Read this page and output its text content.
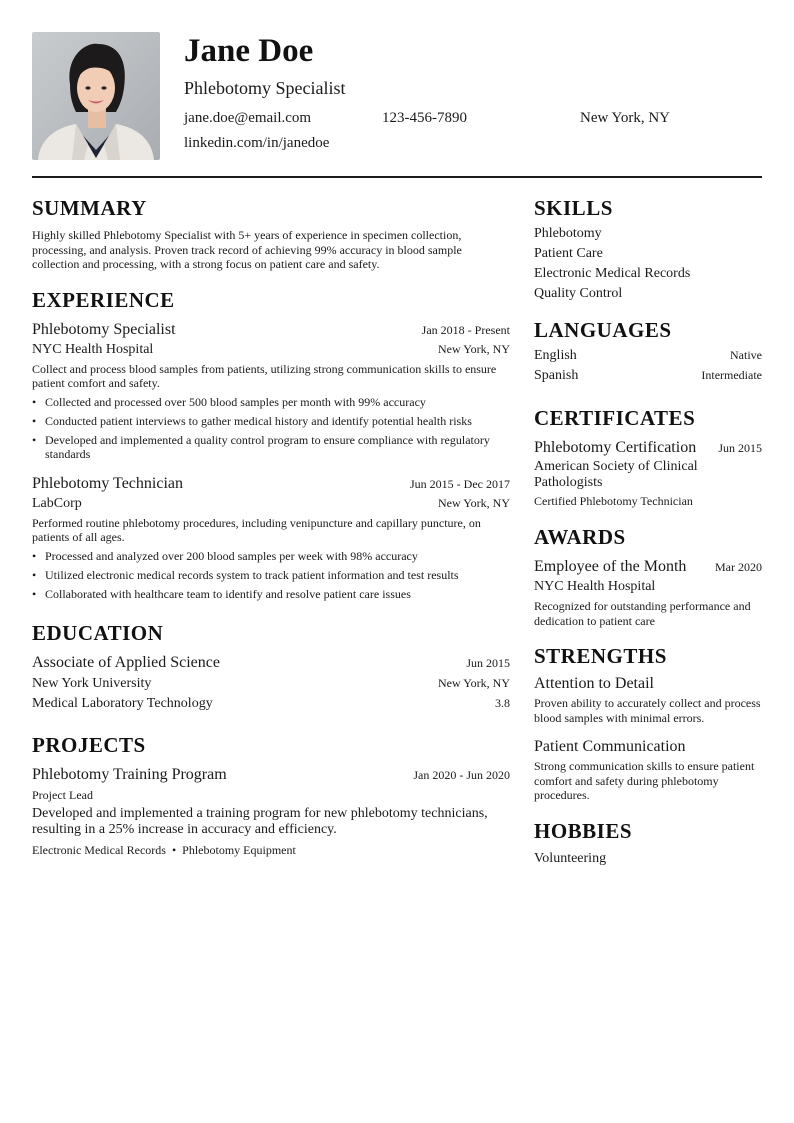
Jane Doe
Phlebotomy Specialist
jane.doe@email.com	123-456-7890	New York, NY
linkedin.com/in/janedoe
SUMMARY
Highly skilled Phlebotomy Specialist with 5+ years of experience in specimen collection, processing, and analysis. Proven track record of achieving 99% accuracy in blood sample collection and processing, with a strong focus on patient care and safety.
EXPERIENCE
Phlebotomy Specialist	Jan 2018 - Present
NYC Health Hospital	New York, NY
Collect and process blood samples from patients, utilizing strong communication skills to ensure patient comfort and safety.
• Collected and processed over 500 blood samples per month with 99% accuracy
• Conducted patient interviews to gather medical history and identify potential health risks
• Developed and implemented a quality control program to ensure compliance with regulatory standards
Phlebotomy Technician	Jun 2015 - Dec 2017
LabCorp	New York, NY
Performed routine phlebotomy procedures, including venipuncture and capillary puncture, on patients of all ages.
• Processed and analyzed over 200 blood samples per week with 98% accuracy
• Utilized electronic medical records system to track patient information and test results
• Collaborated with healthcare team to identify and resolve patient care issues
EDUCATION
Associate of Applied Science	Jun 2015
New York University	New York, NY
Medical Laboratory Technology	3.8
PROJECTS
Phlebotomy Training Program	Jan 2020 - Jun 2020
Project Lead
Developed and implemented a training program for new phlebotomy technicians, resulting in a 25% increase in accuracy and efficiency.
Electronic Medical Records • Phlebotomy Equipment
SKILLS
Phlebotomy
Patient Care
Electronic Medical Records
Quality Control
LANGUAGES
English	Native
Spanish	Intermediate
CERTIFICATES
Phlebotomy Certification Jun 2015
American Society of Clinical Pathologists
Certified Phlebotomy Technician
AWARDS
Employee of the Month Mar 2020
NYC Health Hospital
Recognized for outstanding performance and dedication to patient care
STRENGTHS
Attention to Detail
Proven ability to accurately collect and process blood samples with minimal errors.
Patient Communication
Strong communication skills to ensure patient comfort and safety during phlebotomy procedures.
HOBBIES
Volunteering
